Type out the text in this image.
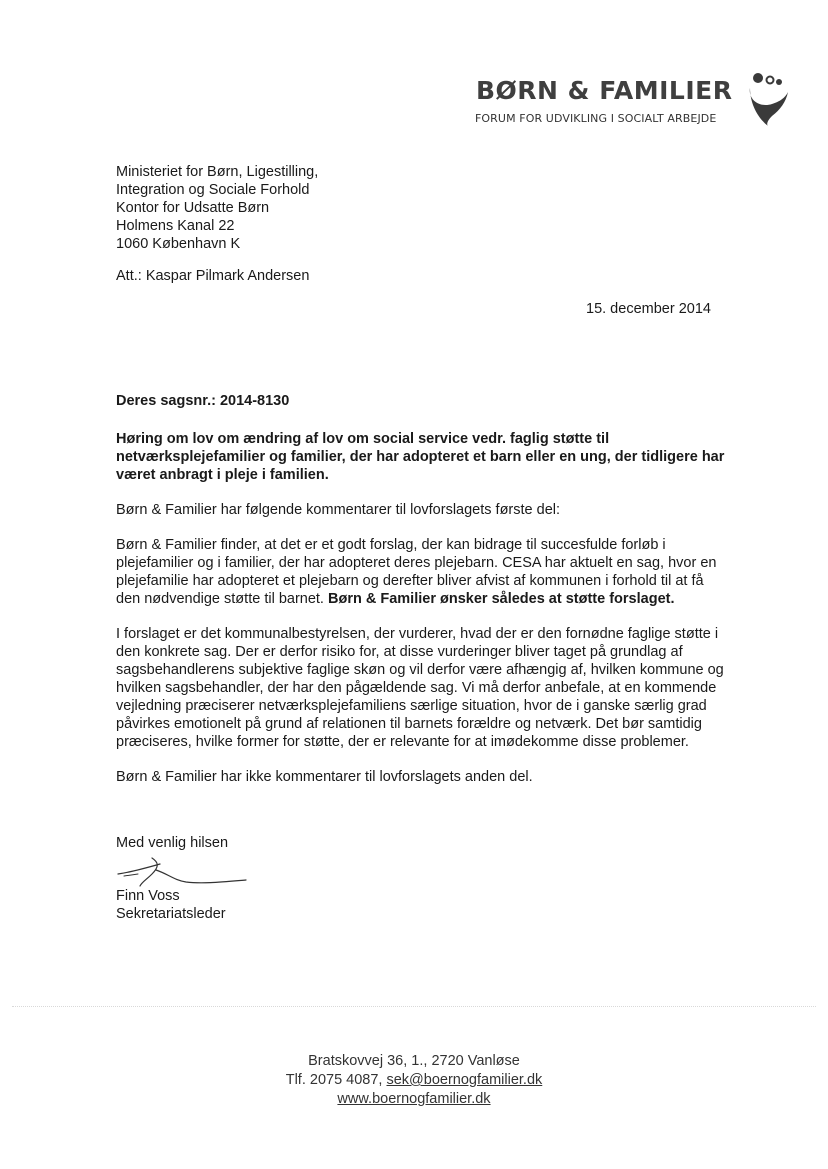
BØRN & FAMILIER
FORUM FOR UDVIKLING I SOCIALT ARBEJDE
Ministeriet for Børn, Ligestilling,
Integration og Sociale Forhold
Kontor for Udsatte Børn
Holmens Kanal 22
1060 København K
Att.: Kaspar Pilmark Andersen
15. december 2014

Deres sagsnr.: 2014-8130

Høring om lov om ændring af lov om social service vedr. faglig støtte til netværksplejefamilier og familier, der har adopteret et barn eller en ung, der tidligere har været anbragt i pleje i familien.

Børn & Familier har følgende kommentarer til lovforslagets første del:

Børn & Familier finder, at det er et godt forslag, der kan bidrage til succesfulde forløb i plejefamilier og i familier, der har adopteret deres plejebarn. CESA har aktuelt en sag, hvor en plejefamilie har adopteret et plejebarn og derefter bliver afvist af kommunen i forhold til at få den nødvendige støtte til barnet. Børn & Familier ønsker således at støtte forslaget.

I forslaget er det kommunalbestyrelsen, der vurderer, hvad der er den fornødne faglige støtte i den konkrete sag. Der er derfor risiko for, at disse vurderinger bliver taget på grundlag af sagsbehandlerens subjektive faglige skøn og vil derfor være afhængig af, hvilken kommune og hvilken sagsbehandler, der har den pågældende sag. Vi må derfor anbefale, at en kommende vejledning præciserer netværksplejefamiliens særlige situation, hvor de i ganske særlig grad påvirkes emotionelt på grund af relationen til barnets forældre og netværk. Det bør samtidig præciseres, hvilke former for støtte, der er relevante for at imødekomme disse problemer.

Børn & Familier har ikke kommentarer til lovforslagets anden del.

Med venlig hilsen
Finn Voss
Sekretariatsleder
Bratskovvej 36, 1., 2720 Vanløse
Tlf. 2075 4087, sek@boernogfamilier.dk
www.boernogfamilier.dk
